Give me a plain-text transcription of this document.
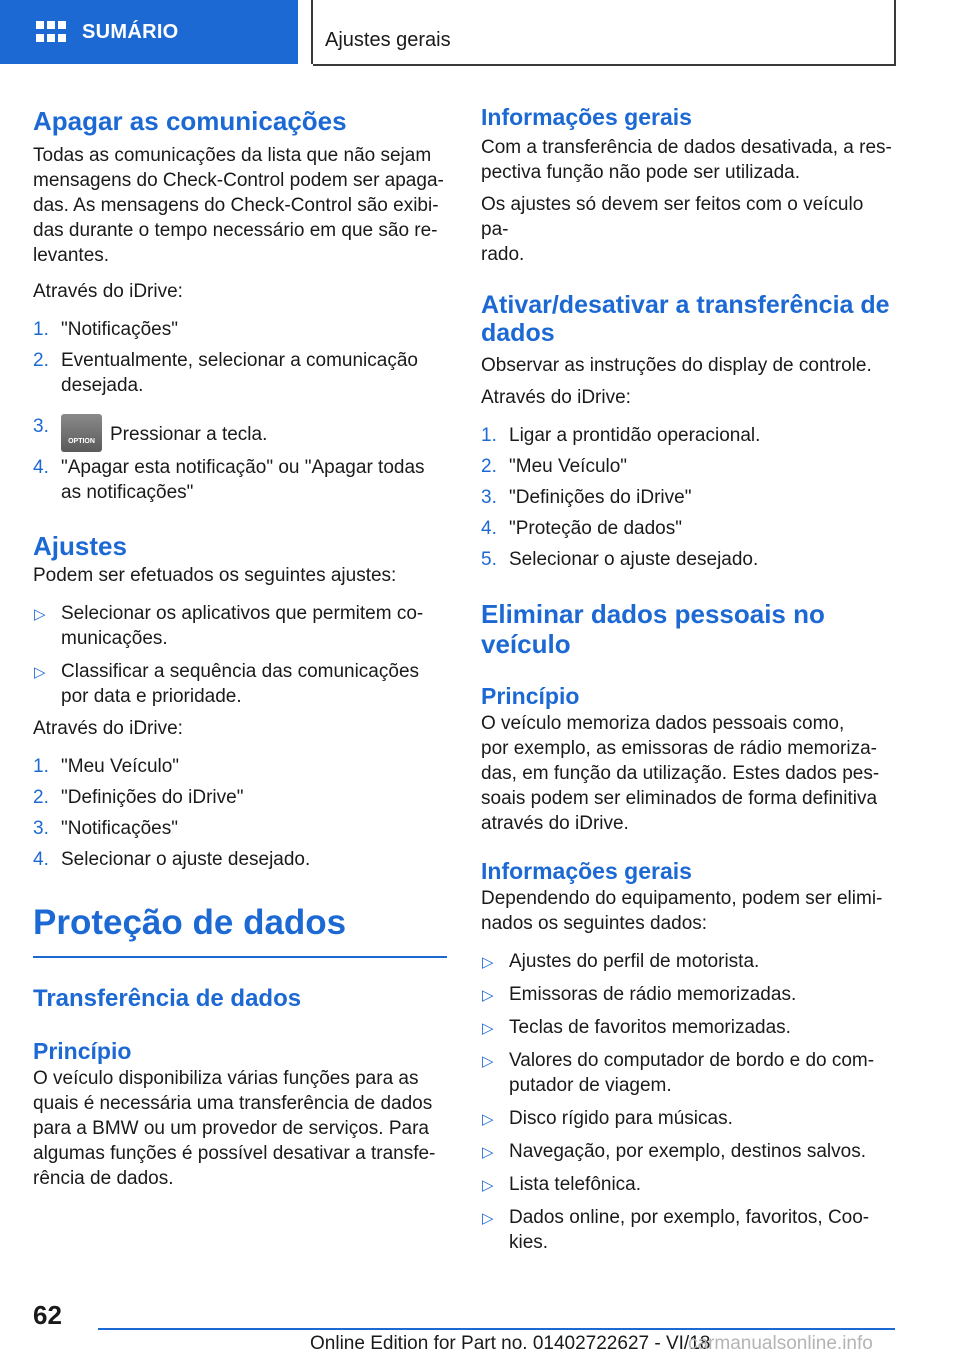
SUMÁRIO	Ajustes gerais
Apagar as comunicações

Todas as comunicações da lista que não sejam
mensagens do Check-Control podem ser apaga-
das. As mensagens do Check-Control são exibi-
das durante o tempo necessário em que são re-
levantes.

Através do iDrive:

1. "Notificações"
2. Eventualmente, selecionar a comunicação
desejada.
3.
OPTION	Pressionar a tecla.
4. "Apagar esta notificação" ou "Apagar todas
as notificações"
Ajustes

Podem ser efetuados os seguintes ajustes:

▷ Selecionar os aplicativos que permitem co-
municações.
▷ Classificar a sequência das comunicações
por data e prioridade.

Através do iDrive:

1. "Meu Veículo"
2. "Definições do iDrive"
3. "Notificações"
4. Selecionar o ajuste desejado.
Proteção de dados
Transferência de dados
Princípio

O veículo disponibiliza várias funções para as
quais é necessária uma transferência de dados
para a BMW ou um provedor de serviços. Para
algumas funções é possível desativar a transfe-
rência de dados.

Informações gerais

Com a transferência de dados desativada, a res-
pectiva função não pode ser utilizada.

Os ajustes só devem ser feitos com o veículo pa-
rado.

Ativar/desativar a transferência de
dados

Observar as instruções do display de controle.

Através do iDrive:

1. Ligar a prontidão operacional.
2. "Meu Veículo"
3. "Definições do iDrive"
4. "Proteção de dados"
5. Selecionar o ajuste desejado.
Eliminar dados pessoais no
veículo
Princípio

O veículo memoriza dados pessoais como,
por exemplo, as emissoras de rádio memoriza-
das, em função da utilização. Estes dados pes-
soais podem ser eliminados de forma definitiva
através do iDrive.

Informações gerais

Dependendo do equipamento, podem ser elimi-
nados os seguintes dados:

▷ Ajustes do perfil de motorista.
▷ Emissoras de rádio memorizadas.
▷ Teclas de favoritos memorizadas.
▷ Valores do computador de bordo e do com-
putador de viagem.
▷ Disco rígido para músicas.
▷ Navegação, por exemplo, destinos salvos.
▷ Lista telefônica.
▷ Dados online, por exemplo, favoritos, Coo-
kies.
62
Online Edition for Part no. 01402722627 - VI/18
carmanualsonline.info
